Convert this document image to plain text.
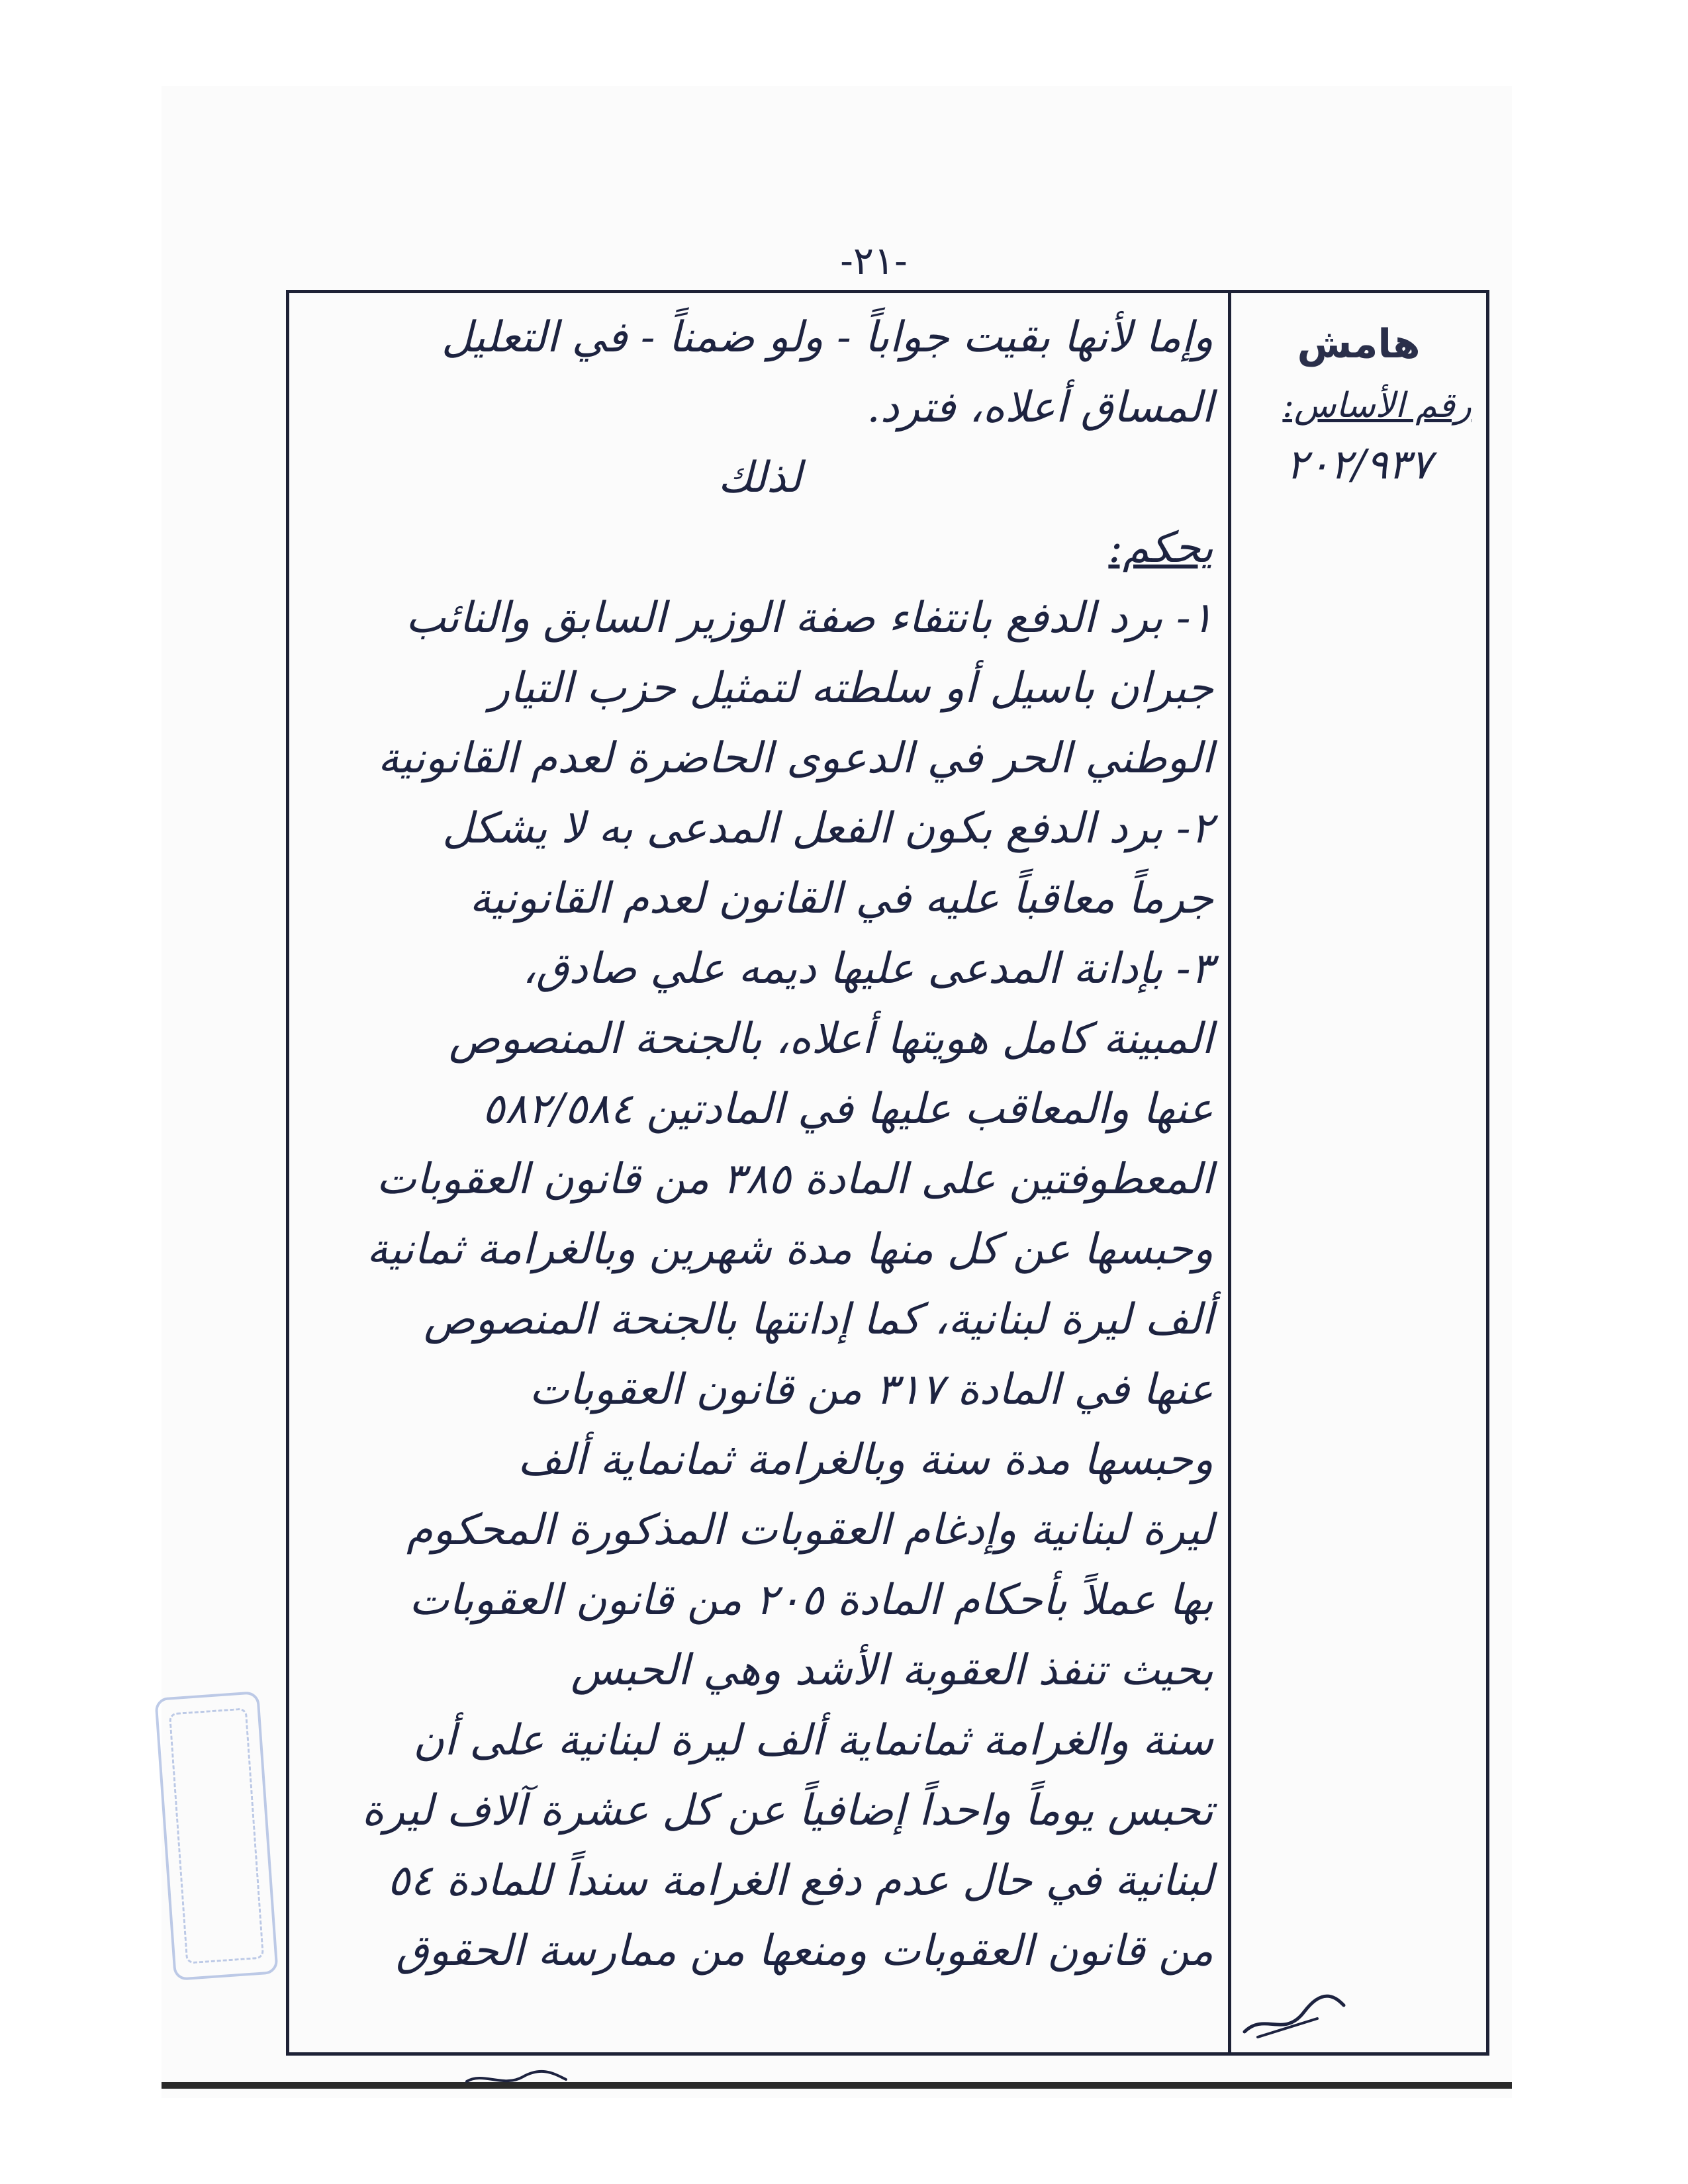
-٢١-
هامش
رقم الأساس:
٢٠٢/٩٣٧
وإما لأنها بقيت جواباً - ولو ضمناً - في التعليل
المساق أعلاه، فترد.
لذلك
يحكم:
١- برد الدفع بانتفاء صفة الوزير السابق والنائب
جبران باسيل أو سلطته لتمثيل حزب التيار
الوطني الحر في الدعوى الحاضرة لعدم القانونية
٢- برد الدفع بكون الفعل المدعى به لا يشكل
جرماً معاقباً عليه في القانون لعدم القانونية
٣- بإدانة المدعى عليها ديمه علي صادق،
المبينة كامل هويتها أعلاه، بالجنحة المنصوص
عنها والمعاقب عليها في المادتين ٥٨٢/٥٨٤
المعطوفتين على المادة ٣٨٥ من قانون العقوبات
وحبسها عن كل منها مدة شهرين وبالغرامة ثمانية
ألف ليرة لبنانية، كما إدانتها بالجنحة المنصوص
عنها في المادة ٣١٧ من قانون العقوبات
وحبسها مدة سنة وبالغرامة ثمانماية ألف
ليرة لبنانية وإدغام العقوبات المذكورة المحكوم
بها عملاً بأحكام المادة ٢٠٥ من قانون العقوبات
بحيث تنفذ العقوبة الأشد وهي الحبس
سنة والغرامة ثمانماية ألف ليرة لبنانية على أن
تحبس يوماً واحداً إضافياً عن كل عشرة آلاف ليرة
لبنانية في حال عدم دفع الغرامة سنداً للمادة ٥٤
من قانون العقوبات ومنعها من ممارسة الحقوق
